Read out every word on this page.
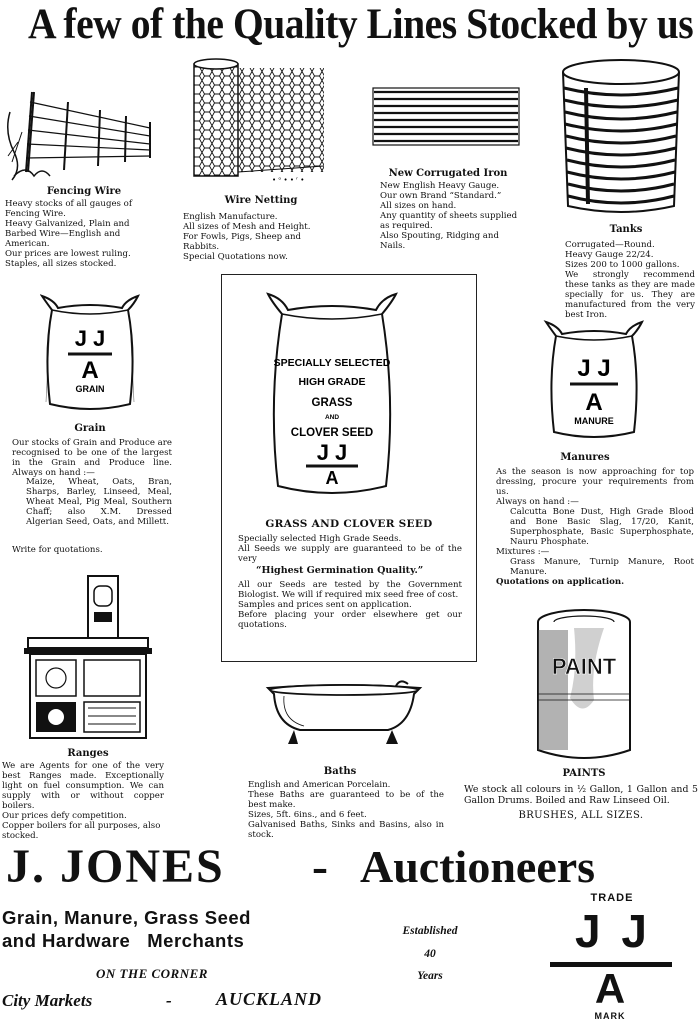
A few of the Quality Lines Stocked by us
Fencing Wire

Heavy stocks of all gauges of Fencing Wire.

Heavy Galvanized, Plain and Barbed Wire—English and American.

Our prices are lowest ruling.

Staples, all sizes stocked.

• ᵒ • • ʳ •
Wire Netting

English Manufacture.

All sizes of Mesh and Height.

For Fowls, Pigs, Sheep and Rabbits.

Special Quotations now.

New Corrugated Iron

New English Heavy Gauge.

Our own Brand “Standard.”

All sizes on hand.

Any quantity of sheets supplied as required.

Also Spouting, Ridging and Nails.

Tanks

Corrugated—Round.

Heavy Gauge 22/24.

Sizes 200 to 1000 gallons.

We strongly recommend these tanks as they are made specially for us. They are manufactured from the very best Iron.

J J
A
GRAIN
Grain
Our stocks of Grain and Produce are recognised to be one of the largest in the Grain and Produce line. Always on hand :—
Maize, Wheat, Oats, Bran, Sharps, Barley, Linseed, Meal, Wheat Meal, Pig Meal, Southern Chaff; also X.M. Dressed Algerian Seed, Oats, and Millett.
Write for quotations.
SPECIALLY SELECTED
HIGH GRADE
GRASS
AND
CLOVER SEED
J J
A
GRASS AND CLOVER SEED

Specially selected High Grade Seeds.

All Seeds we supply are guaranteed to be of the very

“Highest Germination Quality.”

All our Seeds are tested by the Government Biologist. We will if required mix seed free of cost.

Samples and prices sent on application.

Before placing your order elsewhere get our quotations.

J J
A
MANURE
Manures

As the season is now approaching for top dressing, procure your requirements from us.

Always on hand :—

Calcutta Bone Dust, High Grade Blood and Bone Basic Slag, 17/20, Kanit, Superphosphate, Basic Superphosphate, Nauru Phosphate.

Mixtures :—

Grass Manure, Turnip Manure, Root Manure.

Quotations on application.

Ranges

We are Agents for one of the very best Ranges made. Exceptionally light on fuel consumption. We can supply with or without copper boilers.

Our prices defy competition.

Copper boilers for all purposes, also stocked.

Baths

English and American Porcelain.

These Baths are guaranteed to be of the best make.

Sizes, 5ft. 6ins., and 6 feet.

Galvanised Baths, Sinks and Basins, also in stock.

PAINT
PAINTS

We stock all colours in ½ Gallon, 1 Gallon and 5 Gallon Drums. Boiled and Raw Linseed Oil.

BRUSHES, ALL SIZES.

J. JONES - Auctioneers
Grain, Manure, Grass Seed
and Hardware   Merchants	Established
40
Years
ON THE CORNER
City Markets	- AUCKLAND
TRADE
J J
A
MARK
